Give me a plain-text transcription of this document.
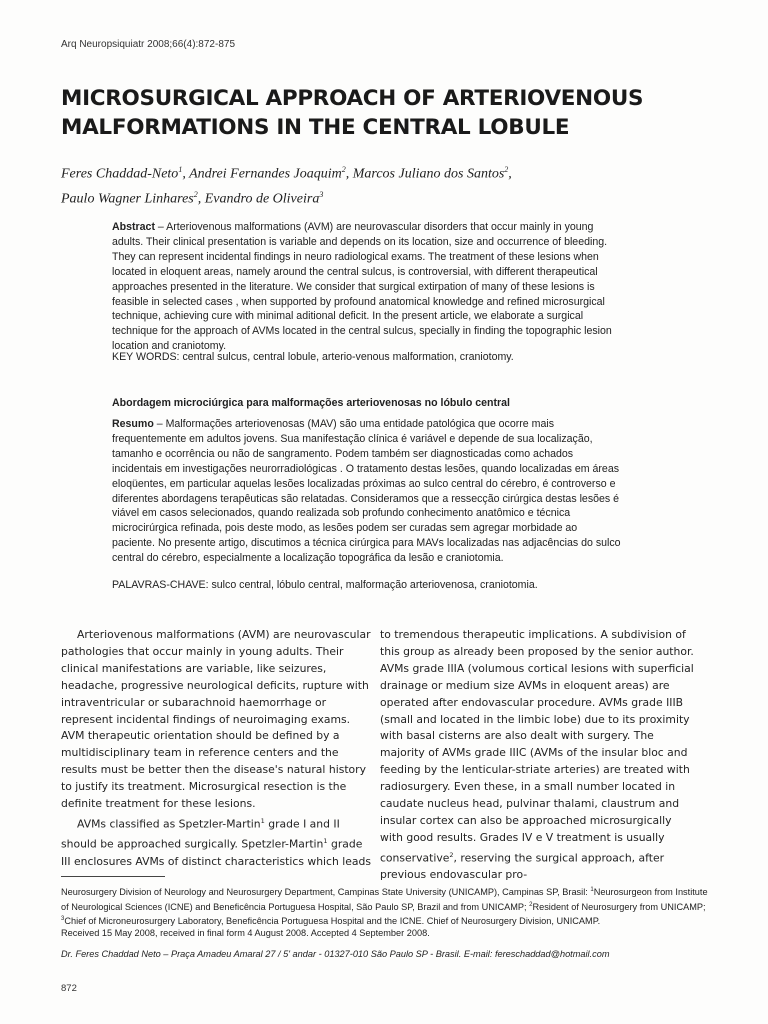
Arq Neuropsiquiatr 2008;66(4):872-875
MICROSURGICAL APPROACH OF ARTERIOVENOUS
MALFORMATIONS IN THE CENTRAL LOBULE
Feres Chaddad-Neto$^1$, Andrei Fernandes Joaquim$^2$, Marcos Juliano dos Santos$^2$,
Paulo Wagner Linhares$^2$, Evandro de Oliveira$^3$

Abstract – Arteriovenous malformations (AVM) are neurovascular disorders that occur mainly in young adults. Their clinical presentation is variable and depends on its location, size and occurrence of bleeding. They can represent incidental findings in neuro radiological exams. The treatment of these lesions when located in eloquent areas, namely around the central sulcus, is controversial, with different therapeutical approaches presented in the literature. We consider that surgical extirpation of many of these lesions is feasible in selected cases , when supported by profound anatomical knowledge and refined microsurgical technique, achieving cure with minimal aditional deficit. In the present article, we elaborate a surgical technique for the approach of AVMs located in the central sulcus, specially in finding the topographic lesion location and craniotomy.

KEY WORDS: central sulcus, central lobule, arterio-venous malformation, craniotomy.
Abordagem microciúrgica para malformações arteriovenosas no lóbulo central

Resumo – Malformações arteriovenosas (MAV) são uma entidade patológica que ocorre mais frequentemente em adultos jovens. Sua manifestação clínica é variável e depende de sua localização, tamanho e ocorrência ou não de sangramento. Podem também ser diagnosticadas como achados incidentais em investigações neurorradiológicas . O tratamento destas lesões, quando localizadas em áreas eloqüentes, em particular aquelas lesões localizadas próximas ao sulco central do cérebro, é controverso e diferentes abordagens terapêuticas são relatadas. Consideramos que a ressecção cirúrgica destas lesões é viável em casos selecionados, quando realizada sob profundo conhecimento anatômico e técnica microcirúrgica refinada, pois deste modo, as lesões podem ser curadas sem agregar morbidade ao paciente. No presente artigo, discutimos a técnica cirúrgica para MAVs localizadas nas adjacências do sulco central do cérebro, especialmente a localização topográfica da lesão e craniotomia.

PALAVRAS-CHAVE: sulco central, lóbulo central, malformação arteriovenosa, craniotomia.

Arteriovenous malformations (AVM) are neurovascular pathologies that occur mainly in young adults. Their clinical manifestations are variable, like seizures, headache, progressive neurological deficits, rupture with intraventricular or subarachnoid haemorrhage or represent incidental findings of neuroimaging exams. AVM therapeutic orientation should be defined by a multidisciplinary team in reference centers and the results must be better then the disease's natural history to justify its treatment. Microsurgical resection is the definite treatment for these lesions.

AVMs classified as Spetzler-Martin$^1$ grade I and II should be approached surgically. Spetzler-Martin$^1$ grade III enclosures AVMs of distinct characteristics which leads

to tremendous therapeutic implications. A subdivision of this group as already been proposed by the senior author. AVMs grade IIIA (volumous cortical lesions with superficial drainage or medium size AVMs in eloquent areas) are operated after endovascular procedure. AVMs grade IIIB (small and located in the limbic lobe) due to its proximity with basal cisterns are also dealt with surgery. The majority of AVMs grade IIIC (AVMs of the insular bloc and feeding by the lenticular-striate arteries) are treated with radiosurgery. Even these, in a small number located in caudate nucleus head, pulvinar thalami, claustrum and insular cortex can also be approached microsurgically with good results. Grades IV e V treatment is usually conservative$^2$, reserving the surgical approach, after previous endovascular pro-

Neurosurgery Division of Neurology and Neurosurgery Department, Campinas State University (UNICAMP), Campinas SP, Brasil: $^1$Neurosurgeon from Institute of Neurological Sciences (ICNE) and Beneficência Portuguesa Hospital, São Paulo SP, Brazil and from UNICAMP; $^2$Resident of Neurosurgery from UNICAMP; $^3$Chief of Microneurosurgery Laboratory, Beneficência Portuguesa Hospital and the ICNE. Chief of Neurosurgery Division, UNICAMP.
Received 15 May 2008, received in final form 4 August 2008. Accepted 4 September 2008.
Dr. Feres Chaddad Neto – Praça Amadeu Amaral 27 / 5' andar - 01327-010 São Paulo SP - Brasil. E-mail: fereschaddad@hotmail.com
872
